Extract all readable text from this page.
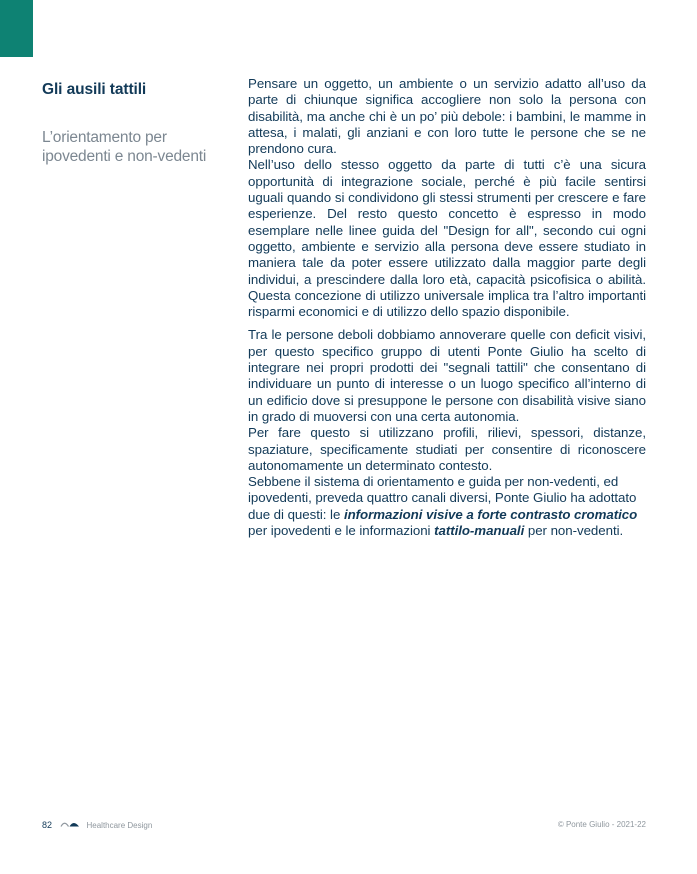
Gli ausili tattili

L’orientamento per ipovedenti e non-vedenti

Pensare un oggetto, un ambiente o un servizio adatto all’uso da parte di chiunque significa accogliere non solo la persona con disabilità, ma anche chi è un po’ più debole: i bambini, le mamme in attesa, i malati, gli anziani e con loro tutte le persone che se ne prendono cura.

Nell’uso dello stesso oggetto da parte di tutti c’è una sicura opportunità di integrazione sociale, perché è più facile sentirsi uguali quando si condividono gli stessi strumenti per crescere e fare esperienze. Del resto questo concetto è espresso in modo esemplare nelle linee guida del "Design for all", secondo cui ogni oggetto, ambiente e servizio alla persona deve essere studiato in maniera tale da poter essere utilizzato dalla maggior parte degli individui, a prescindere dalla loro età, capacità psicofisica o abilità. Questa concezione di utilizzo universale implica tra l’altro importanti risparmi economici e di utilizzo dello spazio disponibile.

Tra le persone deboli dobbiamo annoverare quelle con deficit visivi, per questo specifico gruppo di utenti Ponte Giulio ha scelto di integrare nei propri prodotti dei "segnali tattili" che consentano di individuare un punto di interesse o un luogo specifico all’interno di un edificio dove si presuppone le persone con disabilità visive siano in grado di muoversi con una certa autonomia.

Per fare questo si utilizzano profili, rilievi, spessori, distanze, spaziature, specificamente studiati per consentire di riconoscere autonomamente un determinato contesto.

Sebbene il sistema di orientamento e guida per non-vedenti, ed ipovedenti, preveda quattro canali diversi, Ponte Giulio ha adottato due di questi: le informazioni visive a forte contrasto cromatico per ipovedenti e le informazioni tattilo-manuali per non-vedenti.

82	Healthcare Design	© Ponte Giulio - 2021-22
